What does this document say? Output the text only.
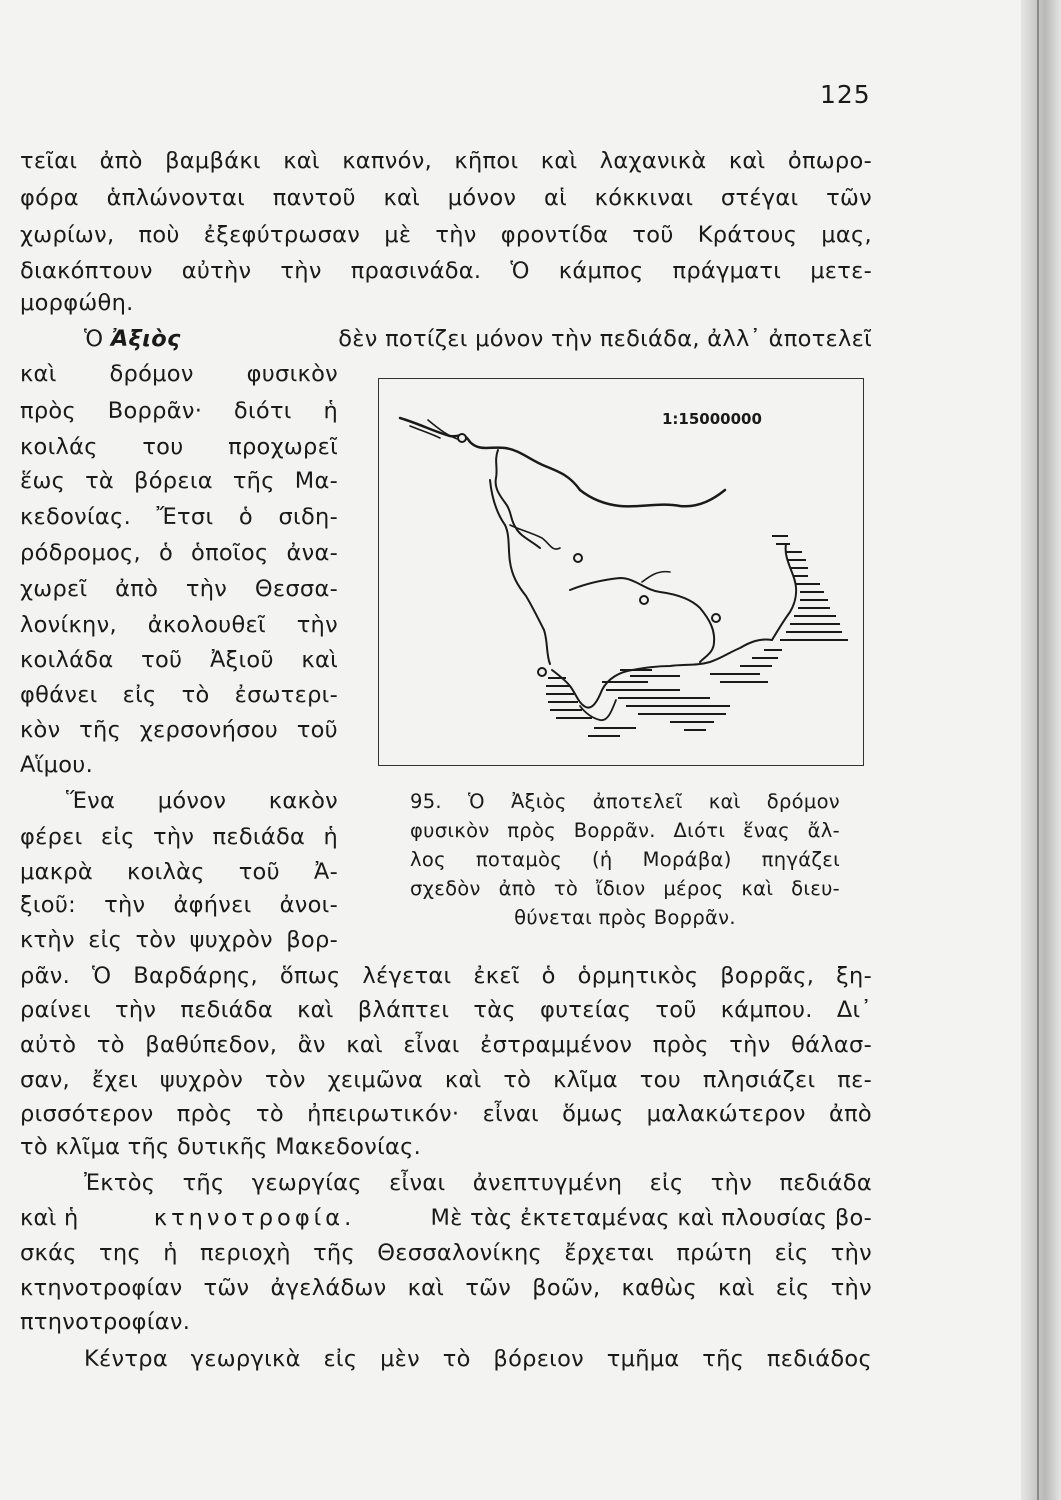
125
τεῖαι ἀπὸ βαμβάκι καὶ καπνόν, κῆποι καὶ λαχανικὰ καὶ ὀπωρο-
φόρα ἁπλώνονται παντοῦ καὶ μόνον αἱ κόκκιναι στέγαι τῶν
χωρίων, ποὺ ἐξεφύτρωσαν μὲ τὴν φροντίδα τοῦ Κράτους μας,
διακόπτουν αὐτὴν τὴν πρασινάδα. Ὁ κάμπος πράγματι μετε-
μορφώθη.
Ὁ Ἀξιὸς	δὲν ποτίζει μόνον τὴν πεδιάδα, ἀλλ᾽ ἀποτελεῖ
καὶ δρόμον φυσικὸν
πρὸς Βορρᾶν· διότι ἡ
κοιλάς του προχωρεῖ
ἕως τὰ βόρεια τῆς Μα-
κεδονίας. Ἔτσι ὁ σιδη-
ρόδρομος, ὁ ὁποῖος ἀνα-
χωρεῖ ἀπὸ τὴν Θεσσα-
λονίκην, ἀκολουθεῖ τὴν
κοιλάδα τοῦ Ἀξιοῦ καὶ
φθάνει εἰς τὸ ἐσωτερι-
κὸν τῆς χερσονήσου τοῦ
Αἵμου.
Ἕνα μόνον κακὸν
φέρει εἰς τὴν πεδιάδα ἡ
μακρὰ κοιλὰς τοῦ Ἀ-
ξιοῦ: τὴν ἀφήνει ἀνοι-
κτὴν εἰς τὸν ψυχρὸν βορ-
ρᾶν. Ὁ Βαρδάρης, ὅπως λέγεται ἐκεῖ ὁ ὁρμητικὸς βορρᾶς, ξη-
ραίνει τὴν πεδιάδα καὶ βλάπτει τὰς φυτείας τοῦ κάμπου. Δι᾽
αὐτὸ τὸ βαθύπεδον, ἂν καὶ εἶναι ἐστραμμένον πρὸς τὴν θάλασ-
σαν, ἔχει ψυχρὸν τὸν χειμῶνα καὶ τὸ κλῖμα του πλησιάζει πε-
ρισσότερον πρὸς τὸ ἠπειρωτικόν· εἶναι ὅμως μαλακώτερον ἀπὸ
τὸ κλῖμα τῆς δυτικῆς Μακεδονίας.
Ἐκτὸς τῆς γεωργίας εἶναι ἀνεπτυγμένη εἰς τὴν πεδιάδα
καὶ ἡ	κτηνοτροφία.	Μὲ τὰς ἐκτεταμένας καὶ πλουσίας βο-
σκάς της ἡ περιοχὴ τῆς Θεσσαλονίκης ἔρχεται πρώτη εἰς τὴν
κτηνοτροφίαν τῶν ἀγελάδων καὶ τῶν βοῶν, καθὼς καὶ εἰς τὴν
πτηνοτροφίαν.
Κέντρα γεωργικὰ εἰς μὲν τὸ βόρειον τμῆμα τῆς πεδιάδος
1:15000000
95. Ὁ Ἀξιὸς ἀποτελεῖ καὶ δρόμον
φυσικὸν πρὸς Βορρᾶν. Διότι ἕνας ἄλ-
λος ποταμὸς (ἡ Μοράβα) πηγάζει
σχεδὸν ἀπὸ τὸ ἴδιον μέρος καὶ διευ-
θύνεται πρὸς Βορρᾶν.
